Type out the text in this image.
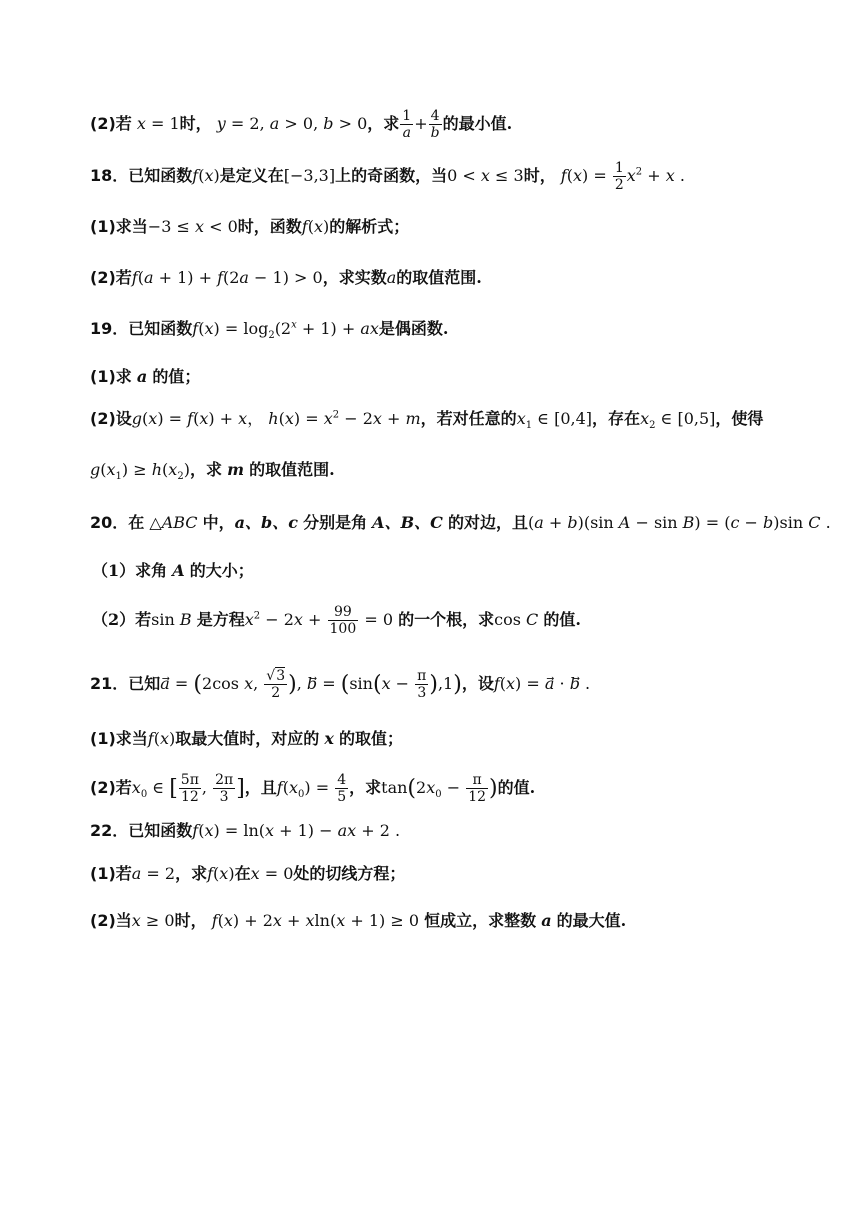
(2)若 x = 1时， y = 2, a > 0, b > 0，求 $\frac{1}{a} + \frac{4}{b}$ 的最小值.
18．已知函数f(x)是定义在[−3,3]上的奇函数，当0 < x ≤ 3时， $f(x) = \frac{1}{2} x^2 + x$ .
(1)求当−3 ≤ x < 0时，函数f(x)的解析式；
(2)若f(a + 1) + f(2a − 1) > 0，求实数a的取值范围.
19．已知函数$f(x) = \log_2(2^x + 1)$ + ax是偶函数.
(1)求 a 的值；
(2)设g(x) = f(x) + x， $h(x) = x^2 - 2x + m$，若对任意的$x_1$ ∈ [0,4]，存在$x_2$ ∈ [0,5]，使得
$g(x_1) \ge h(x_2)$，求 m 的取值范围.
20．在 △ABC 中，a、b、c 分别是角 A、B、C 的对边，且(a + b)(sin A − sin B) = (c − b)sin C .
（1）求角 A 的大小；
（2）若sin B 是方程$x^2 - 2x + \frac{99}{100} = 0$ 的一个根，求cos C 的值.
21．已知a⃗ = (2cos x, $\frac{√3}{2}$ ), b⃗ = $(\sin(x - \frac{\pi}{3} ),1)$，设f(x) = a⃗ · b⃗ .
(1)求当f(x)取最大值时，对应的 x 的取值；
(2)若$x_0$ ∈ [ $\frac{5\pi}{12}$ , $\frac{2\pi}{3}$ ]，且$f(x_0) = \frac{4}{5}$ ，求$\tan(2x_0 - \frac{\pi}{12}$ )的值.
22．已知函数f(x) = ln(x + 1) − ax + 2 .
(1)若a = 2，求f(x)在x = 0处的切线方程；
(2)当x ≥ 0时， f(x) + 2x + xln(x + 1) ≥ 0 恒成立，求整数 a 的最大值.
